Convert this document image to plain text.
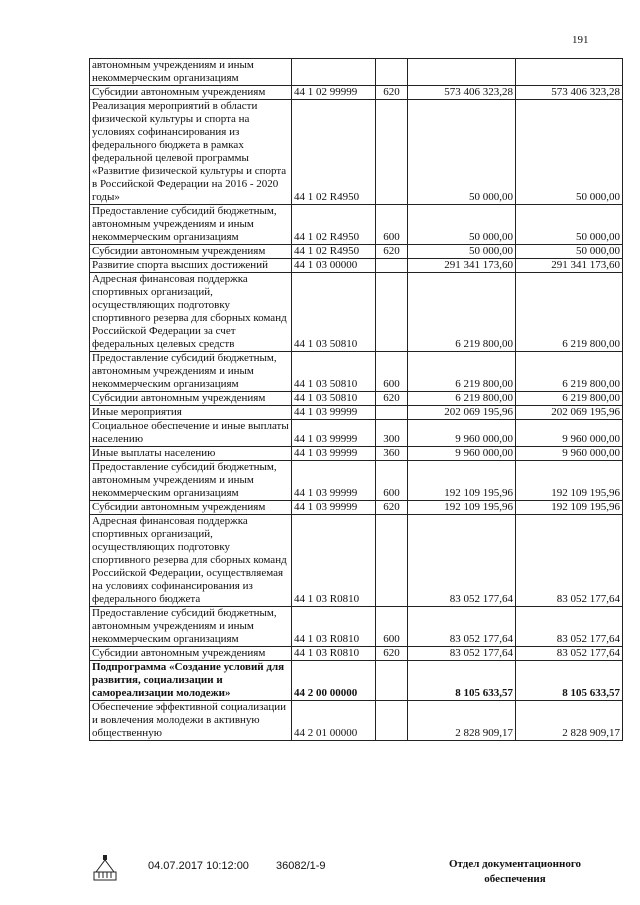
191
автономным учреждениям и иным некоммерческим организациям				
Субсидии автономным учреждениям	44 1 02 99999	620	573 406 323,28	573 406 323,28
Реализация мероприятий в области физической культуры и спорта на условиях софинансирования из федерального бюджета в рамках федеральной целевой программы «Развитие физической культуры и спорта в Российской Федерации на 2016 - 2020 годы»	44 1 02 R4950		50 000,00	50 000,00
Предоставление субсидий бюджетным, автономным учреждениям и иным некоммерческим организациям	44 1 02 R4950	600	50 000,00	50 000,00
Субсидии автономным учреждениям	44 1 02 R4950	620	50 000,00	50 000,00
Развитие спорта высших достижений	44 1 03 00000		291 341 173,60	291 341 173,60
Адресная финансовая поддержка спортивных организаций, осуществляющих подготовку спортивного резерва для сборных команд Российской Федерации за счет федеральных целевых средств	44 1 03 50810		6 219 800,00	6 219 800,00
Предоставление субсидий бюджетным, автономным учреждениям и иным некоммерческим организациям	44 1 03 50810	600	6 219 800,00	6 219 800,00
Субсидии автономным учреждениям	44 1 03 50810	620	6 219 800,00	6 219 800,00
Иные мероприятия	44 1 03 99999		202 069 195,96	202 069 195,96
Социальное обеспечение и иные выплаты населению	44 1 03 99999	300	9 960 000,00	9 960 000,00
Иные выплаты населению	44 1 03 99999	360	9 960 000,00	9 960 000,00
Предоставление субсидий бюджетным, автономным учреждениям и иным некоммерческим организациям	44 1 03 99999	600	192 109 195,96	192 109 195,96
Субсидии автономным учреждениям	44 1 03 99999	620	192 109 195,96	192 109 195,96
Адресная финансовая поддержка спортивных организаций, осуществляющих подготовку спортивного резерва для сборных команд Российской Федерации, осуществляемая на условиях софинансирования из федерального бюджета	44 1 03 R0810		83 052 177,64	83 052 177,64
Предоставление субсидий бюджетным, автономным учреждениям и иным некоммерческим организациям	44 1 03 R0810	600	83 052 177,64	83 052 177,64
Субсидии автономным учреждениям	44 1 03 R0810	620	83 052 177,64	83 052 177,64
Подпрограмма «Создание условий для развития, социализации и самореализации молодежи»	44 2 00 00000		8 105 633,57	8 105 633,57
Обеспечение эффективной социализации и вовлечения молодежи в активную общественную	44 2 01 00000		2 828 909,17	2 828 909,17
04.07.2017 10:12:00 36082/1-9	Отдел документационного обеспечения
